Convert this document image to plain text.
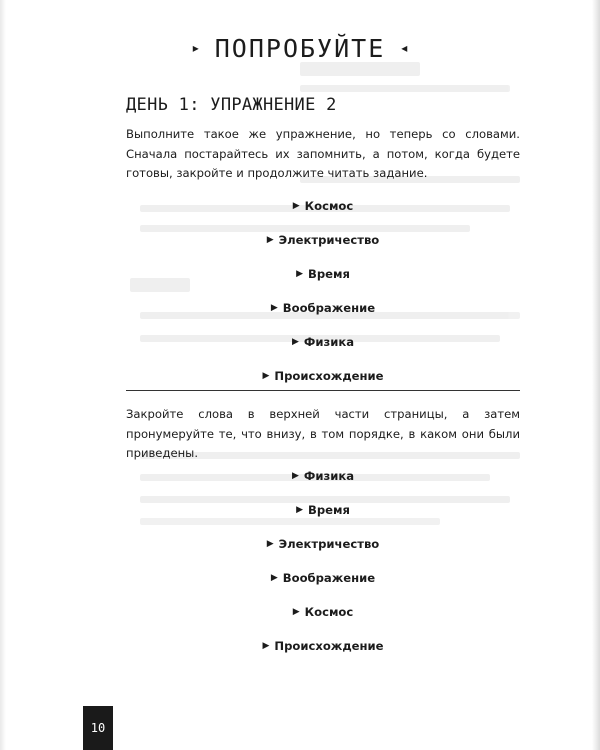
▸ ПОПРОБУЙТЕ ◂
ДЕНЬ 1: УПРАЖНЕНИЕ 2

Выполните такое же упражнение, но теперь со словами. Сначала постарайтесь их запомнить, а потом, когда будете готовы, закройте и продолжите читать задание.

▶ Космос
▶ Электричество
▶ Время
▶ Воображение
▶ Физика
▶ Происхождение

Закройте слова в верхней части страницы, а затем пронумеруйте те, что внизу, в том порядке, в каком они были приведены.

▶ Физика
▶ Время
▶ Электричество
▶ Воображение
▶ Космос
▶ Происхождение
10
